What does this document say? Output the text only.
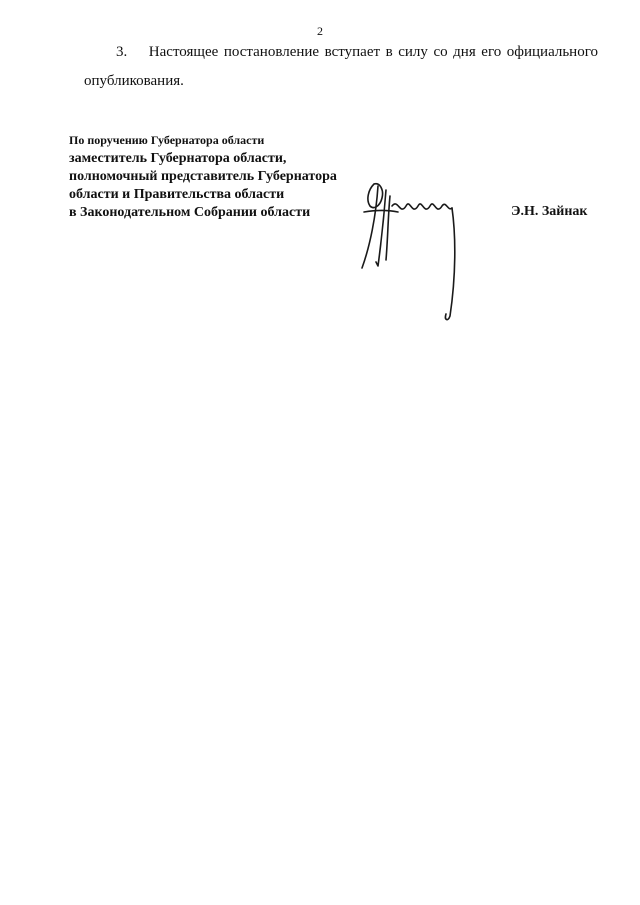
2
3. Настоящее постановление вступает в силу со дня его официального
опубликования.
По поручению Губернатора области
заместитель Губернатора области,
полномочный представитель Губернатора
области и Правительства области
в Законодательном Собрании области	Э.Н. Зайнак
